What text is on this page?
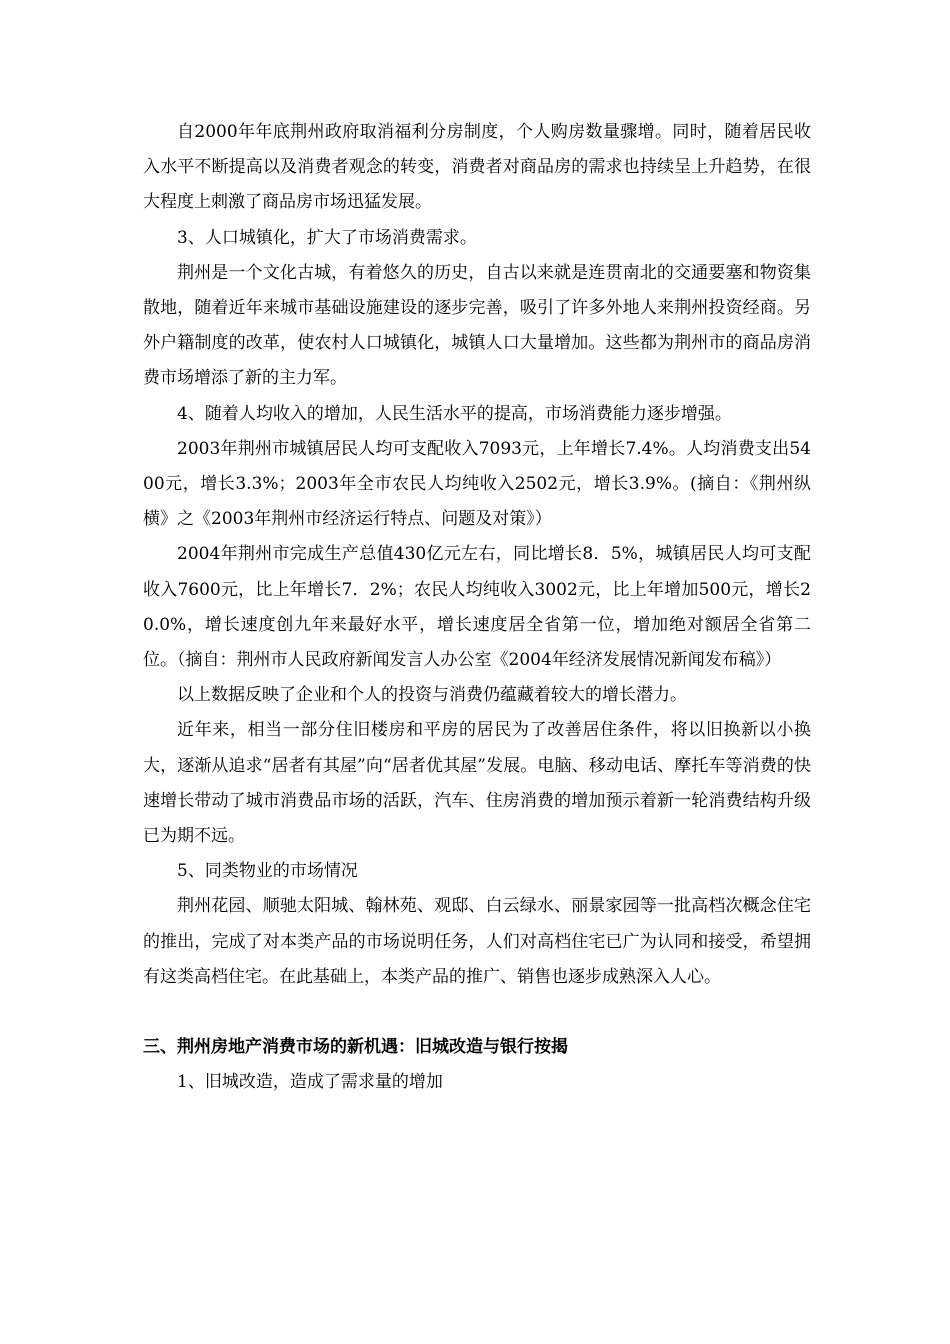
自2000年年底荆州政府取消福利分房制度，个人购房数量骤增。同时，随着居民收入水平不断提高以及消费者观念的转变，消费者对商品房的需求也持续呈上升趋势，在很大程度上刺激了商品房市场迅猛发展。

3、人口城镇化，扩大了市场消费需求。

荆州是一个文化古城，有着悠久的历史，自古以来就是连贯南北的交通要塞和物资集散地，随着近年来城市基础设施建设的逐步完善，吸引了许多外地人来荆州投资经商。另外户籍制度的改革，使农村人口城镇化，城镇人口大量增加。这些都为荆州市的商品房消费市场增添了新的主力军。

4、随着人均收入的增加，人民生活水平的提高，市场消费能力逐步增强。

2003年荆州市城镇居民人均可支配收入7093元，上年增长7.4%。人均消费支出5400元，增长3.3%；2003年全市农民人均纯收入2502元，增长3.9%。(摘自：《荆州纵横》之《2003年荆州市经济运行特点、问题及对策》）

2004年荆州市完成生产总值430亿元左右，同比增长8．5%，城镇居民人均可支配收入7600元，比上年增长7．2%；农民人均纯收入3002元，比上年增加500元，增长20.0%，增长速度创九年来最好水平，增长速度居全省第一位，增加绝对额居全省第二位。（摘自：荆州市人民政府新闻发言人办公室《2004年经济发展情况新闻发布稿》）

以上数据反映了企业和个人的投资与消费仍蕴藏着较大的增长潜力。

近年来，相当一部分住旧楼房和平房的居民为了改善居住条件，将以旧换新以小换大，逐渐从追求“居者有其屋”向“居者优其屋”发展。电脑、移动电话、摩托车等消费的快速增长带动了城市消费品市场的活跃，汽车、住房消费的增加预示着新一轮消费结构升级已为期不远。

5、同类物业的市场情况

荆州花园、顺驰太阳城、翰林苑、观邸、白云绿水、丽景家园等一批高档次概念住宅的推出，完成了对本类产品的市场说明任务，人们对高档住宅已广为认同和接受，希望拥有这类高档住宅。在此基础上，本类产品的推广、销售也逐步成熟深入人心。

三、荆州房地产消费市场的新机遇：旧城改造与银行按揭

1、旧城改造，造成了需求量的增加
